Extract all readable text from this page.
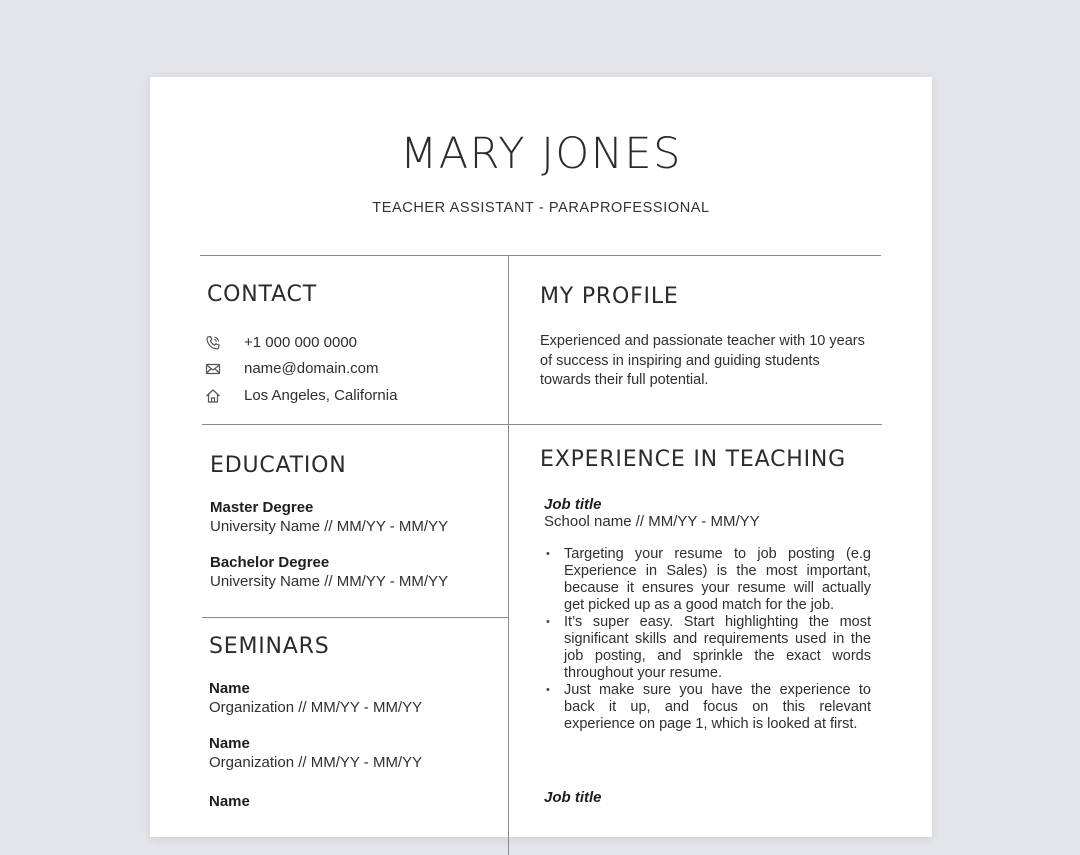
MARY JONES
TEACHER ASSISTANT - PARAPROFESSIONAL
CONTACT
+1 000 000 0000
name@domain.com
Los Angeles, California
MY PROFILE
Experienced and passionate teacher with 10 years of success in inspiring and guiding students towards their full potential.
EDUCATION
Master Degree
University Name // MM/YY - MM/YY
Bachelor Degree
University Name // MM/YY - MM/YY
SEMINARS
Name
Organization // MM/YY - MM/YY
Name
Organization // MM/YY - MM/YY
Name
EXPERIENCE IN TEACHING
Job title
School name // MM/YY - MM/YY
• Targeting your resume to job posting (e.g Experience in Sales) is the most important, because it ensures your resume will actually get picked up as a good match for the job.
• It’s super easy. Start highlighting the most significant skills and requirements used in the job posting, and sprinkle the exact words throughout your resume.
• Just make sure you have the experience to back it up, and focus on this relevant experience on page 1, which is looked at first.
Job title
